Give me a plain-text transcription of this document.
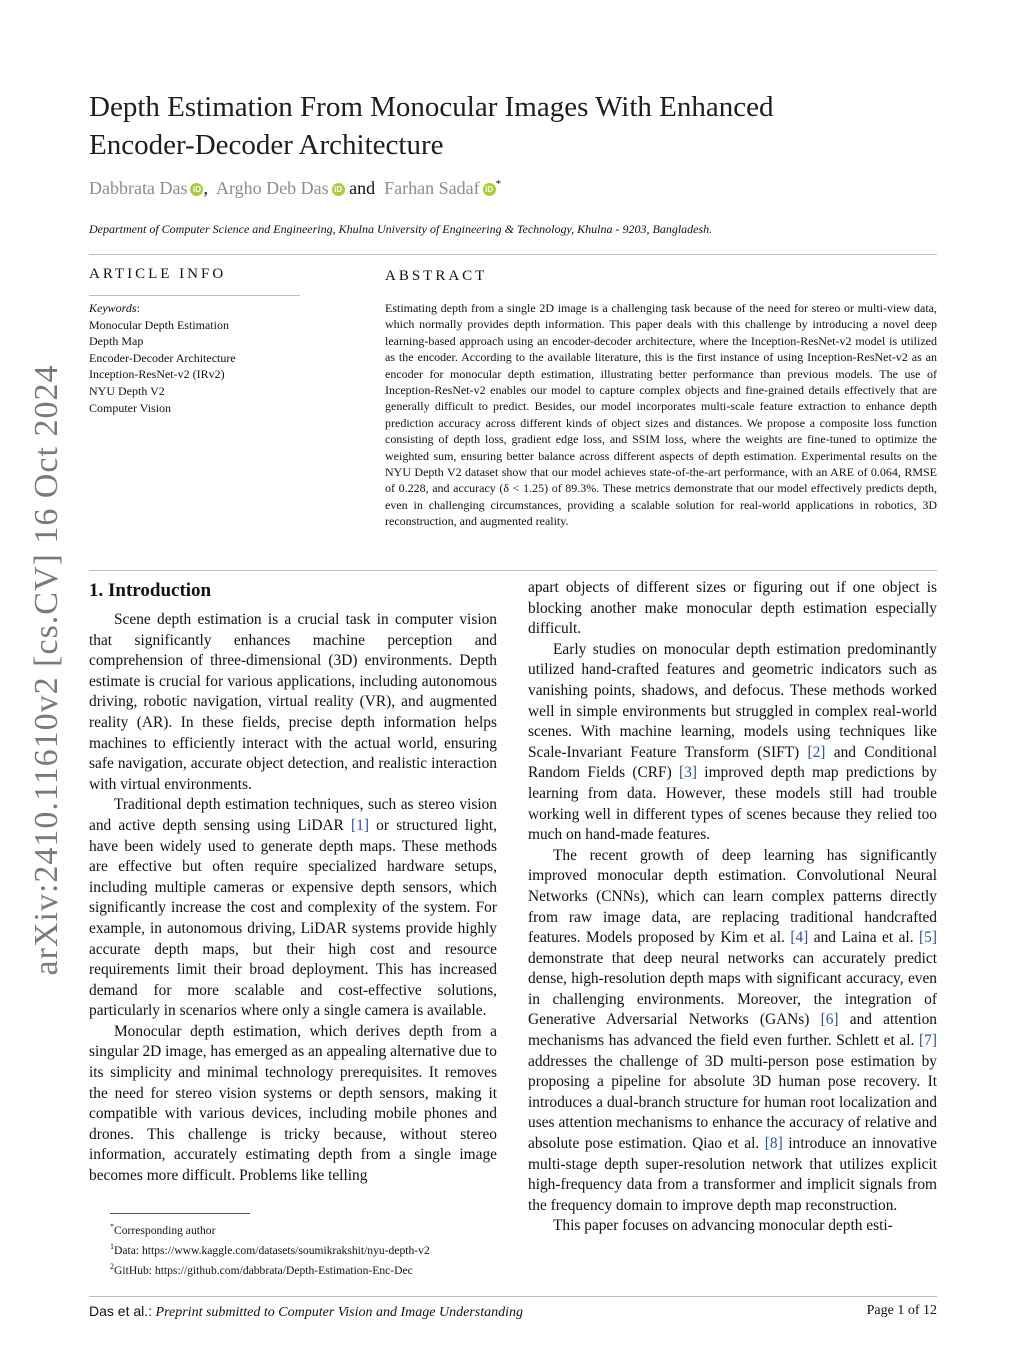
arXiv:2410.11610v2 [cs.CV] 16 Oct 2024
Depth Estimation From Monocular Images With Enhanced
Encoder-Decoder Architecture
Dabbrata Das iD , Argho Deb Das iD and Farhan Sadaf iD *
Department of Computer Science and Engineering, Khulna University of Engineering & Technology, Khulna - 9203, Bangladesh.
ARTICLE INFO	ABSTRACT
Keywords:
Monocular Depth Estimation
Depth Map
Encoder-Decoder Architecture
Inception-ResNet-v2 (IRv2)
NYU Depth V2
Computer Vision
Estimating depth from a single 2D image is a challenging task because of the need for stereo or multi-view data, which normally provides depth information. This paper deals with this challenge by introducing a novel deep learning-based approach using an encoder-decoder architecture, where the Inception-ResNet-v2 model is utilized as the encoder. According to the available literature, this is the first instance of using Inception-ResNet-v2 as an encoder for monocular depth estimation, illustrating better performance than previous models. The use of Inception-ResNet-v2 enables our model to capture complex objects and fine-grained details effectively that are generally difficult to predict. Besides, our model incorporates multi-scale feature extraction to enhance depth prediction accuracy across different kinds of object sizes and distances. We propose a composite loss function consisting of depth loss, gradient edge loss, and SSIM loss, where the weights are fine-tuned to optimize the weighted sum, ensuring better balance across different aspects of depth estimation. Experimental results on the NYU Depth V2 dataset show that our model achieves state-of-the-art performance, with an ARE of 0.064, RMSE of 0.228, and accuracy (δ < 1.25) of 89.3%. These metrics demonstrate that our model effectively predicts depth, even in challenging circumstances, providing a scalable solution for real-world applications in robotics, 3D reconstruction, and augmented reality.
1. Introduction

Scene depth estimation is a crucial task in computer vision that significantly enhances machine perception and comprehension of three-dimensional (3D) environments. Depth estimate is crucial for various applications, including autonomous driving, robotic navigation, virtual reality (VR), and augmented reality (AR). In these fields, precise depth information helps machines to efficiently interact with the actual world, ensuring safe navigation, accurate object detection, and realistic interaction with virtual environments.

Traditional depth estimation techniques, such as stereo vision and active depth sensing using LiDAR [1] or structured light, have been widely used to generate depth maps. These methods are effective but often require specialized hardware setups, including multiple cameras or expensive depth sensors, which significantly increase the cost and complexity of the system. For example, in autonomous driving, LiDAR systems provide highly accurate depth maps, but their high cost and resource requirements limit their broad deployment. This has increased demand for more scalable and cost-effective solutions, particularly in scenarios where only a single camera is available.

Monocular depth estimation, which derives depth from a singular 2D image, has emerged as an appealing alternative due to its simplicity and minimal technology prerequisites. It removes the need for stereo vision systems or depth sensors, making it compatible with various devices, including mobile phones and drones. This challenge is tricky because, without stereo information, accurately estimating depth from a single image becomes more difficult. Problems like telling

apart objects of different sizes or figuring out if one object is blocking another make monocular depth estimation especially difficult.

Early studies on monocular depth estimation predominantly utilized hand-crafted features and geometric indicators such as vanishing points, shadows, and defocus. These methods worked well in simple environments but struggled in complex real-world scenes. With machine learning, models using techniques like Scale-Invariant Feature Transform (SIFT) [2] and Conditional Random Fields (CRF) [3] improved depth map predictions by learning from data. However, these models still had trouble working well in different types of scenes because they relied too much on hand-made features.

The recent growth of deep learning has significantly improved monocular depth estimation. Convolutional Neural Networks (CNNs), which can learn complex patterns directly from raw image data, are replacing traditional handcrafted features. Models proposed by Kim et al. [4] and Laina et al. [5] demonstrate that deep neural networks can accurately predict dense, high-resolution depth maps with significant accuracy, even in challenging environments. Moreover, the integration of Generative Adversarial Networks (GANs) [6] and attention mechanisms has advanced the field even further. Schlett et al. [7] addresses the challenge of 3D multi-person pose estimation by proposing a pipeline for absolute 3D human pose recovery. It introduces a dual-branch structure for human root localization and uses attention mechanisms to enhance the accuracy of relative and absolute pose estimation. Qiao et al. [8] introduce an innovative multi-stage depth super-resolution network that utilizes explicit high-frequency data from a transformer and implicit signals from the frequency domain to improve depth map reconstruction.

This paper focuses on advancing monocular depth esti-

*Corresponding author
$^1$Data: https://www.kaggle.com/datasets/soumikrakshit/nyu-depth-v2
$^2$GitHub: https://github.com/dabbrata/Depth-Estimation-Enc-Dec
Das et al.: Preprint submitted to Computer Vision and Image Understanding	Page 1 of 12
